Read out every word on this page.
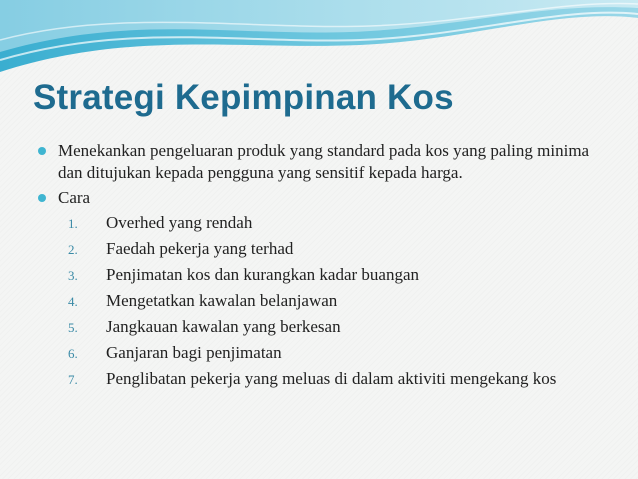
Strategi Kepimpinan Kos
Menekankan pengeluaran produk yang standard pada kos yang paling minima dan ditujukan kepada pengguna yang sensitif kepada harga.
Cara
1.	Overhed yang rendah
2.	Faedah pekerja yang terhad
3.	Penjimatan kos dan kurangkan kadar buangan
4.	Mengetatkan kawalan belanjawan
5.	Jangkauan kawalan yang berkesan
6.	Ganjaran bagi penjimatan
7.	Penglibatan pekerja yang meluas di dalam aktiviti mengekang kos
